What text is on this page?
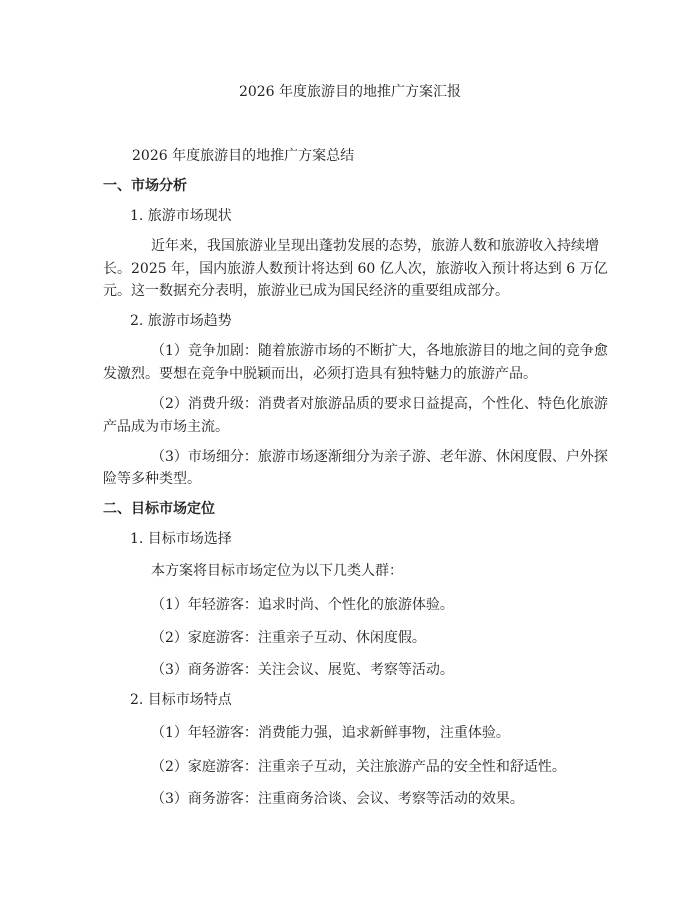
2026 年度旅游目的地推广方案汇报
2026 年度旅游目的地推广方案总结
一、市场分析
1. 旅游市场现状
近年来，我国旅游业呈现出蓬勃发展的态势，旅游人数和旅游收入持续增
长。2025 年，国内旅游人数预计将达到 60 亿人次，旅游收入预计将达到 6 万亿
元。这一数据充分表明，旅游业已成为国民经济的重要组成部分。
2. 旅游市场趋势
（1）竞争加剧：随着旅游市场的不断扩大，各地旅游目的地之间的竞争愈
发激烈。要想在竞争中脱颖而出，必须打造具有独特魅力的旅游产品。
（2）消费升级：消费者对旅游品质的要求日益提高，个性化、特色化旅游
产品成为市场主流。
（3）市场细分：旅游市场逐渐细分为亲子游、老年游、休闲度假、户外探
险等多种类型。
二、目标市场定位
1. 目标市场选择
本方案将目标市场定位为以下几类人群：
（1）年轻游客：追求时尚、个性化的旅游体验。
（2）家庭游客：注重亲子互动、休闲度假。
（3）商务游客：关注会议、展览、考察等活动。
2. 目标市场特点
（1）年轻游客：消费能力强，追求新鲜事物，注重体验。
（2）家庭游客：注重亲子互动，关注旅游产品的安全性和舒适性。
（3）商务游客：注重商务洽谈、会议、考察等活动的效果。
